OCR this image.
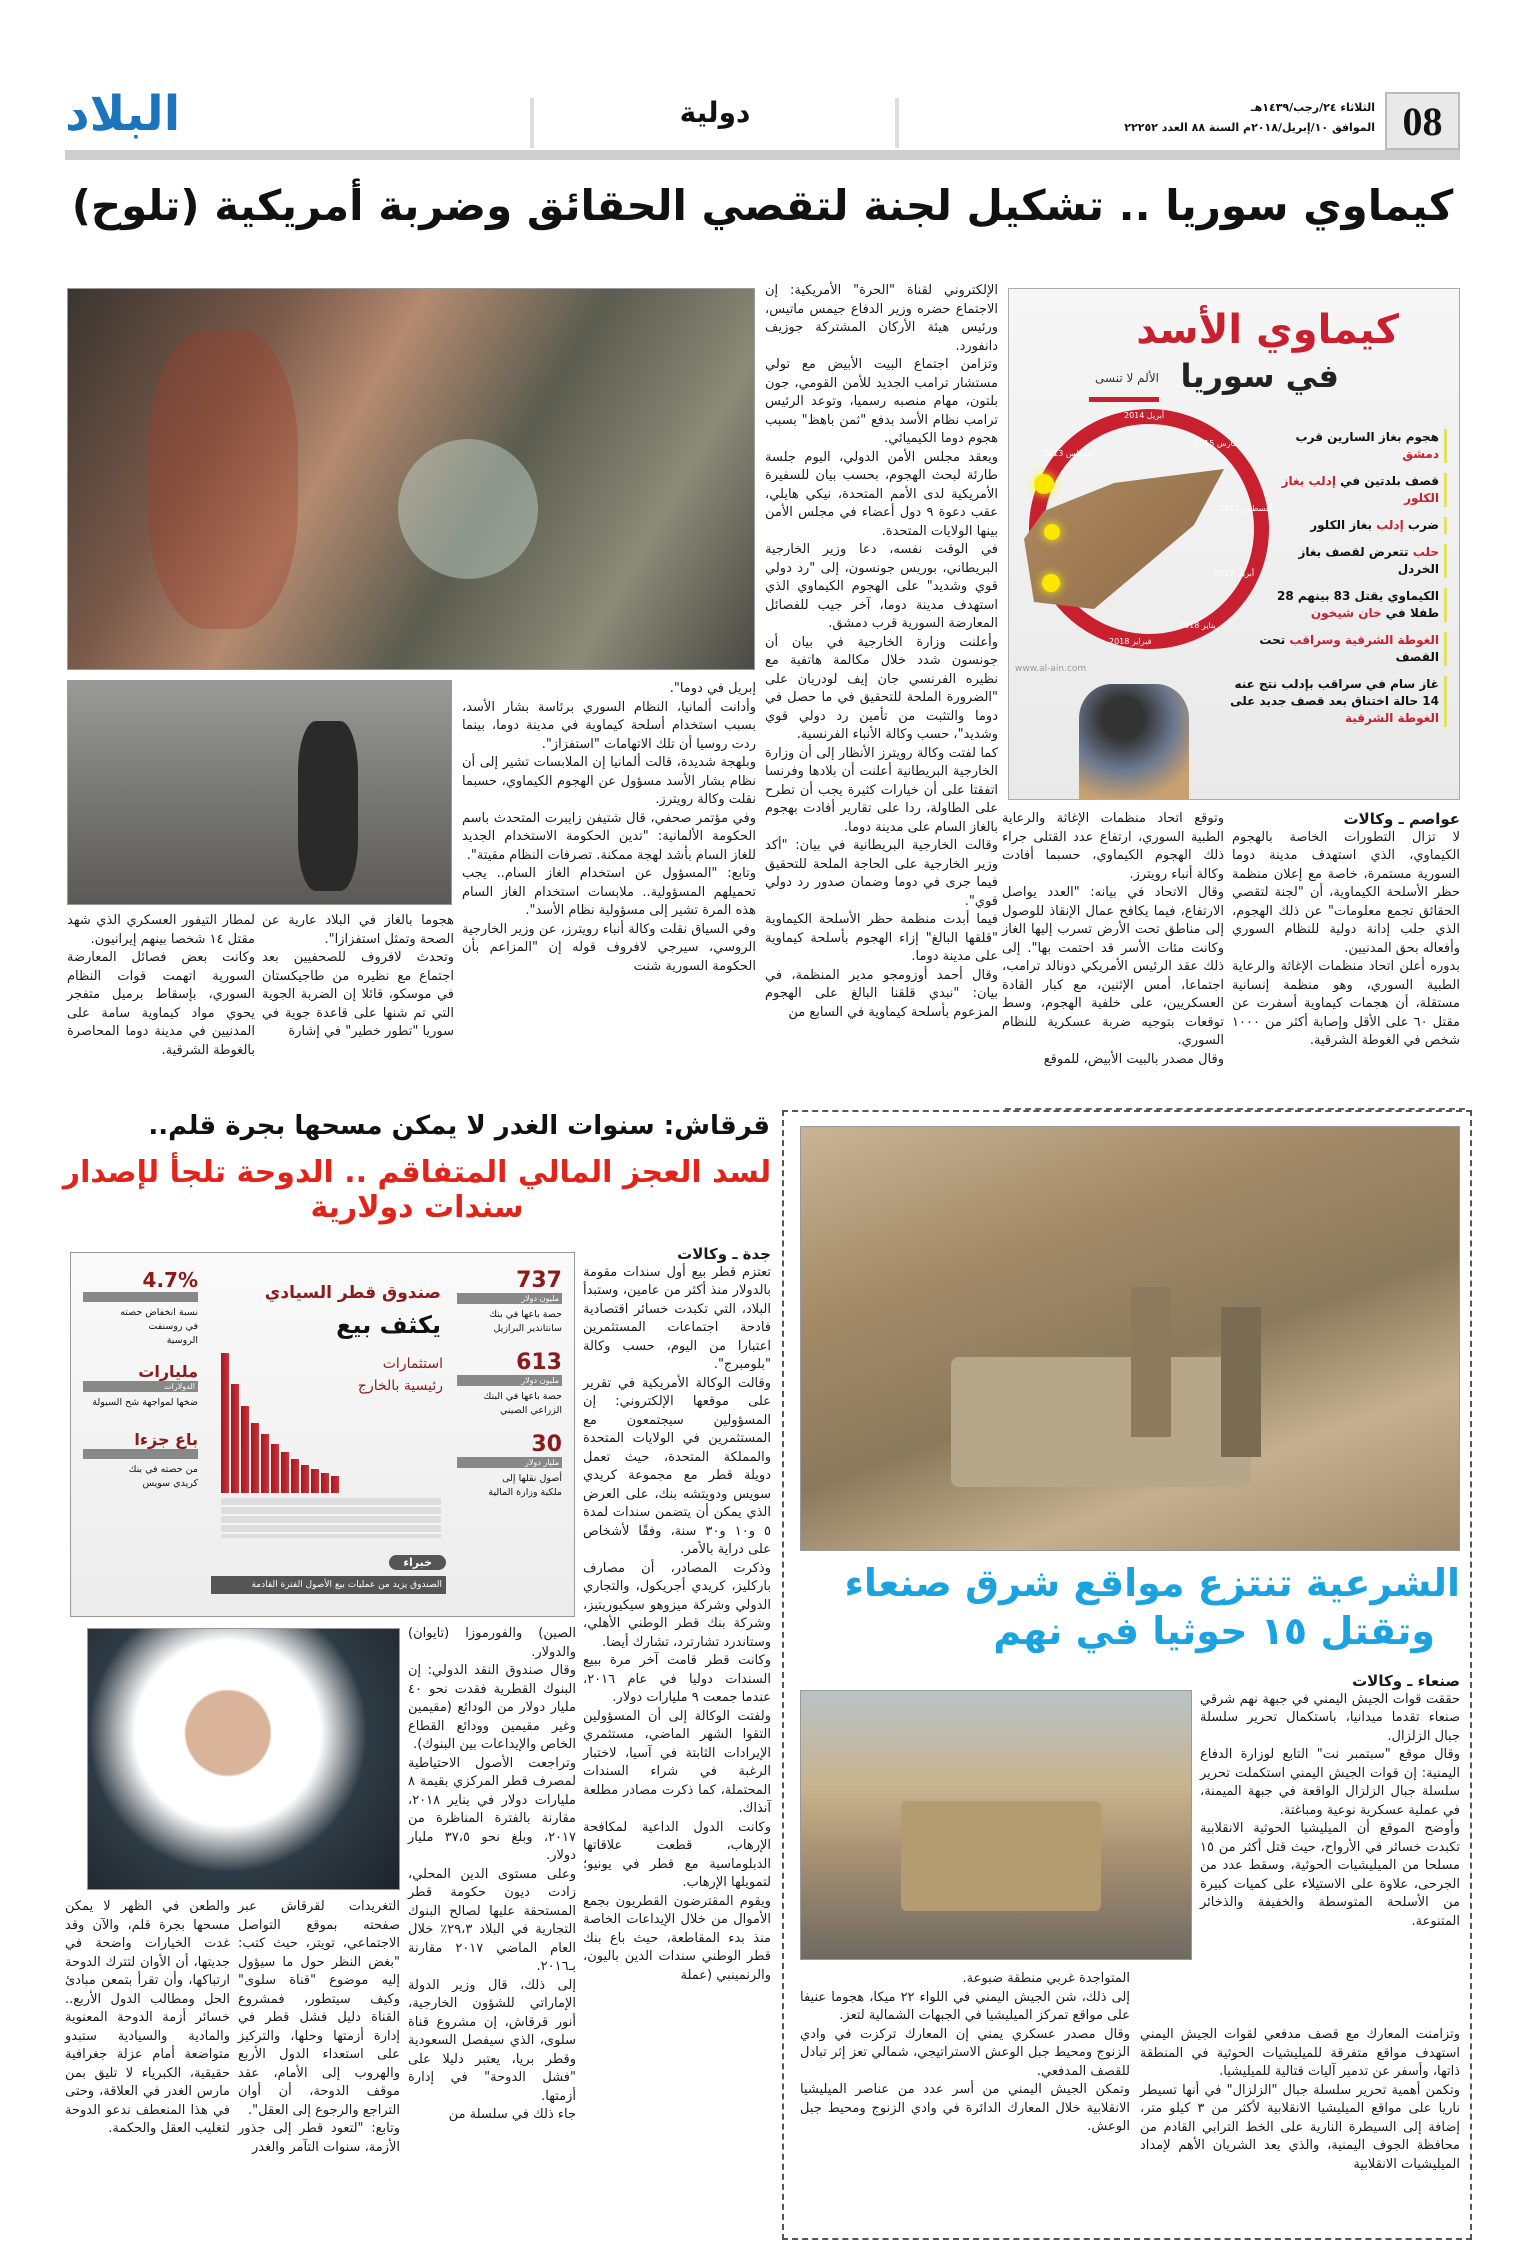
08
الثلاثاء ٢٤/رجب/١٤٣٩هـ
الموافق ١٠/إبريل/٢٠١٨م السنة ٨٨ العدد ٢٢٢٥٢
دولية
البلاد
كيماوي سوريا .. تشكيل لجنة لتقصي الحقائق وضربة أمريكية (تلوح)
كيماوي الأسد
في سوريا
الألم لا تنسى
أغسطس 2013
أبريل 2014
مارس 2015
أغسطس 2017
أبريل 2017
يناير 2018
فبراير 2018
هجوم بغاز السارين قرب دمشق
قصف بلدتين في إدلب بغاز الكلور
ضرب إدلب بغاز الكلور
حلب تتعرض لقصف بغاز الخردل
الكيماوي يقتل 83 بينهم 28 طفلا في خان شيخون
الغوطة الشرقية وسراقب تحت القصف
غاز سام في سراقب بإدلب نتج عنه 14 حالة اختناق بعد قصف جديد على الغوطة الشرقية
www.al-ain.com

عواصم ـ وكالات

لا تزال التطورات الخاصة بالهجوم الكيماوي، الذي استهدف مدينة دوما السورية مستمرة، خاصة مع إعلان منظمة حظر الأسلحة الكيماوية، أن "لجنة لتقصي الحقائق تجمع معلومات" عن ذلك الهجوم، الذي جلب إدانة دولية للنظام السوري وأفعاله بحق المدنيين.

بدوره أعلن اتحاد منظمات الإغاثة والرعاية الطبية السوري، وهو منظمة إنسانية مستقلة، أن هجمات كيماوية أسفرت عن مقتل ٦٠ على الأقل وإصابة أكثر من ١٠٠٠ شخص في الغوطة الشرقية.

وتوقع اتحاد منظمات الإغاثة والرعاية الطبية السوري، ارتفاع عدد القتلى جراء ذلك الهجوم الكيماوي، حسبما أفادت وكالة أنباء رويترز.

وقال الاتحاد في بيانه: "العدد يواصل الارتفاع، فيما يكافح عمال الإنقاذ للوصول إلى مناطق تحت الأرض تسرب إليها الغاز وكانت مئات الأسر قد احتمت بها". إلى ذلك عقد الرئيس الأمريكي دونالد ترامب، اجتماعا، أمس الإثنين، مع كبار القادة العسكريين، على خلفية الهجوم، وسط توقعات بتوجيه ضربة عسكرية للنظام السوري.

وقال مصدر بالبيت الأبيض، للموقع

الإلكتروني لقناة "الحرة" الأمريكية: إن الاجتماع حضره وزير الدفاع جيمس ماتيس، ورئيس هيئة الأركان المشتركة جوزيف دانفورد.

وتزامن اجتماع البيت الأبيض مع تولي مستشار ترامب الجديد للأمن القومي، جون بلتون، مهام منصبه رسميا، وتوعد الرئيس ترامب نظام الأسد بدفع "ثمن باهظ" بسبب هجوم دوما الكيميائي.

ويعقد مجلس الأمن الدولي، اليوم جلسة طارئة لبحث الهجوم، بحسب بيان للسفيرة الأمريكية لدى الأمم المتحدة، نيكي هايلي، عقب دعوة ٩ دول أعضاء في مجلس الأمن بينها الولايات المتحدة.

في الوقت نفسه، دعا وزير الخارجية البريطاني، بوريس جونسون، إلى "رد دولي قوي وشديد" على الهجوم الكيماوي الذي استهدف مدينة دوما، آخر جيب للفصائل المعارضة السورية قرب دمشق.

وأعلنت وزارة الخارجية في بيان أن جونسون شدد خلال مكالمة هاتفية مع نظيره الفرنسي جان إيف لودريان على "الضرورة الملحة للتحقيق في ما حصل في دوما والتثبت من تأمين رد دولي قوي وشديد"، حسب وكالة الأنباء الفرنسية.

كما لفتت وكالة رويترز الأنظار إلى أن وزارة الخارجية البريطانية أعلنت أن بلادها وفرنسا اتفقتا على أن خيارات كثيرة يجب أن تطرح على الطاولة، ردا على تقارير أفادت بهجوم بالغاز السام على مدينة دوما.

وقالت الخارجية البريطانية في بيان: "أكد وزير الخارجية على الحاجة الملحة للتحقيق فيما جرى في دوما وضمان صدور رد دولي قوي".

فيما أبدت منظمة حظر الأسلحة الكيماوية "قلقها البالغ" إزاء الهجوم بأسلحة كيماوية على مدينة دوما.

وقال أحمد أوزومجو مدير المنظمة، في بيان: "نبدي قلقنا البالغ على الهجوم المزعوم بأسلحة كيماوية في السابع من

إبريل في دوما".

وأدانت ألمانيا، النظام السوري برئاسة بشار الأسد، بسبب استخدام أسلحة كيماوية في مدينة دوما، بينما ردت روسيا أن تلك الاتهامات "استفزاز".

وبلهجة شديدة، قالت ألمانيا إن الملابسات تشير إلى أن نظام بشار الأسد مسؤول عن الهجوم الكيماوي، حسبما نقلت وكالة رويترز.

وفي مؤتمر صحفي، قال شتيفن زايبرت المتحدث باسم الحكومة الألمانية: "تدين الحكومة الاستخدام الجديد للغاز السام بأشد لهجة ممكنة. تصرفات النظام مقيتة".

وتابع: "المسؤول عن استخدام الغاز السام.. يجب تحميلهم المسؤولية.. ملابسات استخدام الغاز السام هذه المرة تشير إلى مسؤولية نظام الأسد".

وفي السياق نقلت وكالة أنباء رويترز، عن وزير الخارجية الروسي، سيرجي لافروف قوله إن "المزاعم بأن الحكومة السورية شنت

هجوما بالغاز في البلاد عارية عن الصحة وتمثل استفزازا".

وتحدث لافروف للصحفيين بعد اجتماع مع نظيره من طاجيكستان في موسكو، قائلا إن الضربة الجوية التي تم شنها على قاعدة جوية في سوريا "تطور خطير" في إشارة

لمطار التيفور العسكري الذي شهد مقتل ١٤ شخصا بينهم إيرانيون.

وكانت بعض فصائل المعارضة السورية اتهمت قوات النظام السوري، بإسقاط برميل متفجر يحوي مواد كيماوية سامة على المدنيين في مدينة دوما المحاصرة بالغوطة الشرقية.

قرقاش: سنوات الغدر لا يمكن مسحها بجرة قلم..
لسد العجز المالي المتفاقم .. الدوحة تلجأ لإصدار سندات دولارية
صندوق قطر السيادي
يكثف بيع
استثمارات رئيسية بالخارج
خبراء
الصندوق يزيد من عمليات بيع الأصول الفترة القادمة
737
مليون دولار
حصة باعها في بنك سانتاندير البرازيل
613
مليون دولار
حصة باعها في البنك الزراعي الصيني
30
مليار دولار
أصول نقلها إلى ملكية وزارة المالية
4.7%
نسبة انخفاض حصته في روسنفت الروسية
مليارات
الدولارات
ضخها لمواجهة شح السيولة
باع جزءا
من حصته في بنك كريدي سويس

جدة ـ وكالات

تعتزم قطر بيع أول سندات مقومة بالدولار منذ أكثر من عامين، وستبدأ البلاد، التي تكبدت خسائر اقتصادية فادحة اجتماعات المستثمرين اعتبارا من اليوم، حسب وكالة "بلومبرج".

وقالت الوكالة الأمريكية في تقرير على موقعها الإلكتروني: إن المسؤولين سيجتمعون مع المستثمرين في الولايات المتحدة والمملكة المتحدة، حيث تعمل دويلة قطر مع مجموعة كريدي سويس ودويتشه بنك، على العرض الذي يمكن أن يتضمن سندات لمدة ٥ و١٠ و٣٠ سنة، وفقًا لأشخاص على دراية بالأمر.

وذكرت المصادر، أن مصارف باركليز، كريدي أجريكول، والتجاري الدولي وشركة ميزوهو سيكيوريتيز، وشركة بنك قطر الوطني الأهلي، وستاندرد تشارترد، تشارك أيضا.

وكانت قطر قامت آخر مرة ببيع السندات دوليا في عام ٢٠١٦، عندما جمعت ٩ مليارات دولار.

ولفتت الوكالة إلى أن المسؤولين التقوا الشهر الماضي، مستثمري الإيرادات الثابتة في آسيا، لاختبار الرغبة في شراء السندات المحتملة، كما ذكرت مصادر مطلعة آنذاك.

وكانت الدول الداعية لمكافحة الإرهاب، قطعت علاقاتها الدبلوماسية مع قطر في يونيو؛ لتمويلها الإرهاب.

ويقوم المقترضون القطريون بجمع الأموال من خلال الإيداعات الخاصة منذ بدء المقاطعة، حيث باع بنك قطر الوطني سندات الدين باليون، والرنمينبي (عملة

الصين) والفورموزا (تايوان) والدولار.

وقال صندوق النقد الدولي: إن البنوك القطرية فقدت نحو ٤٠ مليار دولار من الودائع (مقيمين وغير مقيمين وودائع القطاع الخاص والإيداعات بين البنوك).

وتراجعت الأصول الاحتياطية لمصرف قطر المركزي بقيمة ٨ مليارات دولار في يناير ٢٠١٨، مقارنة بالفترة المناظرة من ٢٠١٧، وبلغ نحو ٣٧،٥ مليار دولار.

وعلى مستوى الدين المحلي، زادت ديون حكومة قطر المستحقة عليها لصالح البنوك التجارية في البلاد ٢٩،٣٪ خلال العام الماضي ٢٠١٧ مقارنة بـ٢٠١٦.

إلى ذلك، قال وزير الدولة الإماراتي للشؤون الخارجية، أنور قرقاش، إن مشروع قناة سلوى، الذي سيفصل السعودية وقطر بريا، يعتبر دليلا على "فشل الدوحة" في إدارة أزمتها.

جاء ذلك في سلسلة من

التغريدات لقرقاش عبر صفحته بموقع التواصل الاجتماعي، تويتر، حيث كتب: "بغض النظر حول ما سيؤول إليه موضوع "قناة سلوى" وكيف سيتطور، فمشروع القناة دليل فشل قطر في إدارة أزمتها وحلها، والتركيز على استعداء الدول الأربع والهروب إلى الأمام، عقد موقف الدوحة، أن أوان التراجع والرجوع إلى العقل".

وتابع: "لتعود قطر إلى جذور الأزمة، سنوات التآمر والغدر

والطعن في الظهر لا يمكن مسحها بجرة قلم، والآن وقد غدت الخيارات واضحة في جديتها، أن الأوان لتترك الدوحة ارتباكها، وأن تقرأ بتمعن مبادئ الحل ومطالب الدول الأربع.. خسائر أزمة الدوحة المعنوية والمادية والسيادية ستبدو متواضعة أمام عزلة جغرافية حقيقية، الكبرياء لا تليق بمن مارس الغدر في العلاقة، وحتى في هذا المنعطف ندعو الدوحة لتغليب العقل والحكمة.

الشرعية تنتزع مواقع شرق صنعاء
وتقتل ١٥ حوثيا في نهم

صنعاء ـ وكالات

حققت قوات الجيش اليمني في جبهة نهم شرقي صنعاء تقدما ميدانيا، باستكمال تحرير سلسلة جبال الزلزال.

وقال موقع "سبتمبر نت" التابع لوزارة الدفاع اليمنية: إن قوات الجيش اليمني استكملت تحرير سلسلة جبال الزلزال الواقعة في جبهة الميمنة، في عملية عسكرية نوعية ومباغتة.

وأوضح الموقع أن الميليشيا الحوثية الانقلابية تكبدت خسائر في الأرواح، حيث قتل أكثر من ١٥ مسلحا من الميليشيات الحوثية، وسقط عدد من الجرحى، علاوة على الاستيلاء على كميات كبيرة من الأسلحة المتوسطة والخفيفة والذخائر المتنوعة.

وتزامنت المعارك مع قصف مدفعي لقوات الجيش اليمني استهدف مواقع متفرقة للميليشيات الحوثية في المنطقة ذاتها، وأسفر عن تدمير آليات قتالية للميليشيا.

وتكمن أهمية تحرير سلسلة جبال "الزلزال" في أنها تسيطر ناريا على مواقع الميليشيا الانقلابية لأكثر من ٣ كيلو متر، إضافة إلى السيطرة النارية على الخط الترابي القادم من محافظة الجوف اليمنية، والذي يعد الشريان الأهم لإمداد الميليشيات الانقلابية

المتواجدة غربي منطقة ضبوعة.

إلى ذلك، شن الجيش اليمني في اللواء ٢٢ ميكا، هجوما عنيفا على مواقع تمركز الميليشيا في الجبهات الشمالية لتعز.

وقال مصدر عسكري يمني إن المعارك تركزت في وادي الزنوج ومحيط جبل الوعش الاستراتيجي، شمالي تعز إثر تبادل للقصف المدفعي.

وتمكن الجيش اليمني من أسر عدد من عناصر الميليشيا الانقلابية خلال المعارك الدائرة في وادي الزنوج ومحيط جبل الوعش.
